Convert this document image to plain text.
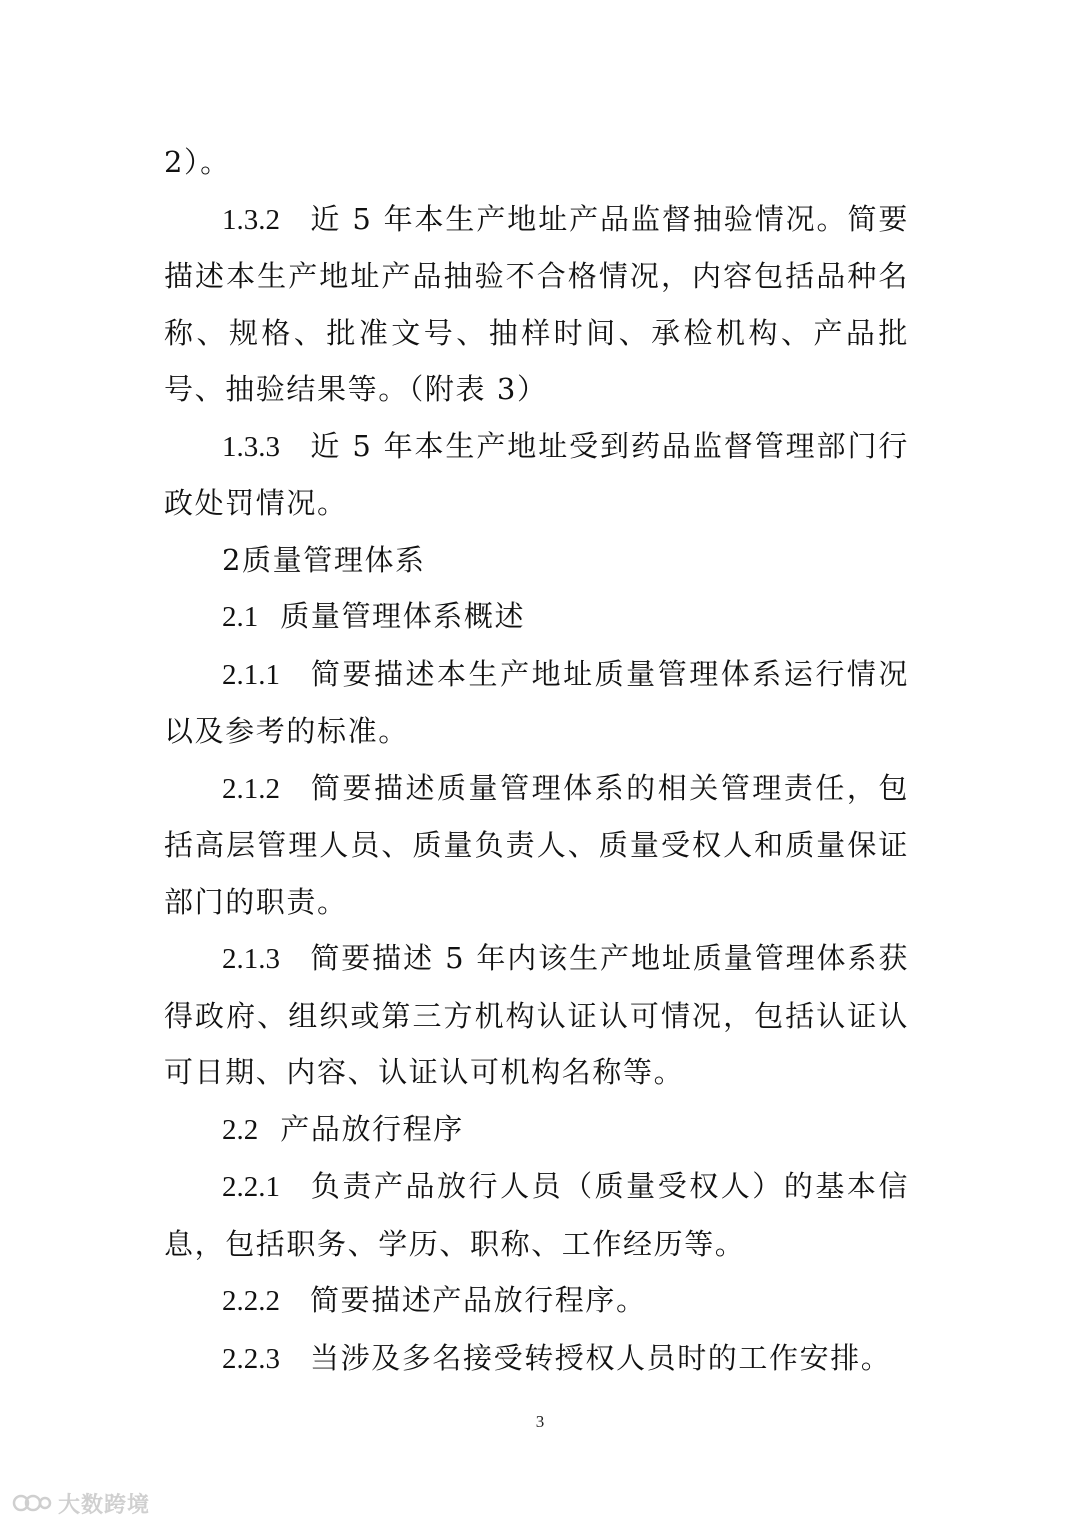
2）。

1.3.2 近 5 年本生产地址产品监督抽验情况。简要描述本生产地址产品抽验不合格情况，内容包括品种名称、规格、批准文号、抽样时间、承检机构、产品批号、抽验结果等。（附表 3）

1.3.3 近 5 年本生产地址受到药品监督管理部门行政处罚情况。

2质量管理体系

2.1 质量管理体系概述

2.1.1 简要描述本生产地址质量管理体系运行情况以及参考的标准。

2.1.2 简要描述质量管理体系的相关管理责任，包括高层管理人员、质量负责人、质量受权人和质量保证部门的职责。

2.1.3 简要描述 5 年内该生产地址质量管理体系获得政府、组织或第三方机构认证认可情况，包括认证认可日期、内容、认证认可机构名称等。

2.2 产品放行程序

2.2.1 负责产品放行人员（质量受权人）的基本信息，包括职务、学历、职称、工作经历等。

2.2.2 简要描述产品放行程序。

2.2.3 当涉及多名接受转授权人员时的工作安排。

3
大数跨境
